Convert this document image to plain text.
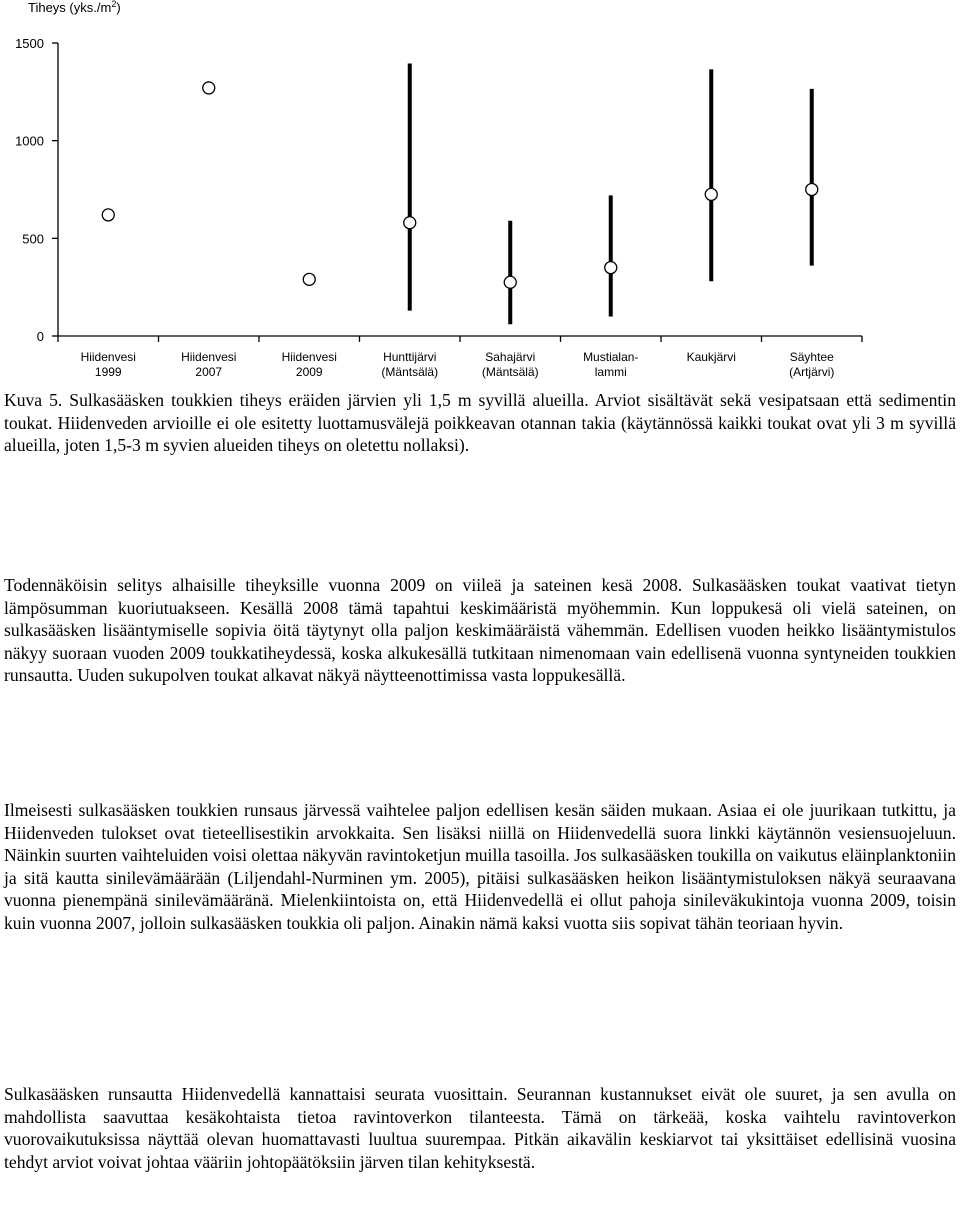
Tiheys $(yks./m^2)$
0
500
1000
1500
Hiidenvesi 1999
Hiidenvesi 2007
Hiidenvesi 2009
Hunttijärvi (Mäntsälä)
Sahajärvi (Mäntsälä)
Mustialan-lammi
Kaukjärvi	Säyhtee (Artjärvi)

Kuva 5. Sulkasääsken toukkien tiheys eräiden järvien yli 1,5 m syvillä alueilla. Arviot sisältävät sekä vesipatsaan että sedimentin toukat. Hiidenveden arvioille ei ole esitetty luottamusvälejä poikkeavan otannan takia (käytännössä kaikki toukat ovat yli 3 m syvillä alueilla, joten 1,5-3 m syvien alueiden tiheys on oletettu nollaksi).

Todennäköisin selitys alhaisille tiheyksille vuonna 2009 on viileä ja sateinen kesä 2008. Sulkasääsken toukat vaativat tietyn lämpösumman kuoriutuakseen. Kesällä 2008 tämä tapahtui keskimääristä myöhemmin. Kun loppukesä oli vielä sateinen, on sulkasääsken lisääntymiselle sopivia öitä täytynyt olla paljon keskimääräistä vähemmän. Edellisen vuoden heikko lisääntymistulos näkyy suoraan vuoden 2009 toukkatiheydessä, koska alkukesällä tutkitaan nimenomaan vain edellisenä vuonna syntyneiden toukkien runsautta. Uuden sukupolven toukat alkavat näkyä näytteenottimissa vasta loppukesällä.

Ilmeisesti sulkasääsken toukkien runsaus järvessä vaihtelee paljon edellisen kesän säiden mukaan. Asiaa ei ole juurikaan tutkittu, ja Hiidenveden tulokset ovat tieteellisestikin arvokkaita. Sen lisäksi niillä on Hiidenvedellä suora linkki käytännön vesiensuojeluun. Näinkin suurten vaihteluiden voisi olettaa näkyvän ravintoketjun muilla tasoilla. Jos sulkasääsken toukilla on vaikutus eläinplanktoniin ja sitä kautta sinilevämäärään (Liljendahl-Nurminen ym. 2005), pitäisi sulkasääsken heikon lisääntymistuloksen näkyä seuraavana vuonna pienempänä sinilevämääränä. Mielenkiintoista on, että Hiidenvedellä ei ollut pahoja sinileväkukintoja vuonna 2009, toisin kuin vuonna 2007, jolloin sulkasääsken toukkia oli paljon. Ainakin nämä kaksi vuotta siis sopivat tähän teoriaan hyvin.

Sulkasääsken runsautta Hiidenvedellä kannattaisi seurata vuosittain. Seurannan kustannukset eivät ole suuret, ja sen avulla on mahdollista saavuttaa kesäkohtaista tietoa ravintoverkon tilanteesta. Tämä on tärkeää, koska vaihtelu ravintoverkon vuorovaikutuksissa näyttää olevan huomattavasti luultua suurempaa. Pitkän aikavälin keskiarvot tai yksittäiset edellisinä vuosina tehdyt arviot voivat johtaa vääriin johtopäätöksiin järven tilan kehityksestä.
